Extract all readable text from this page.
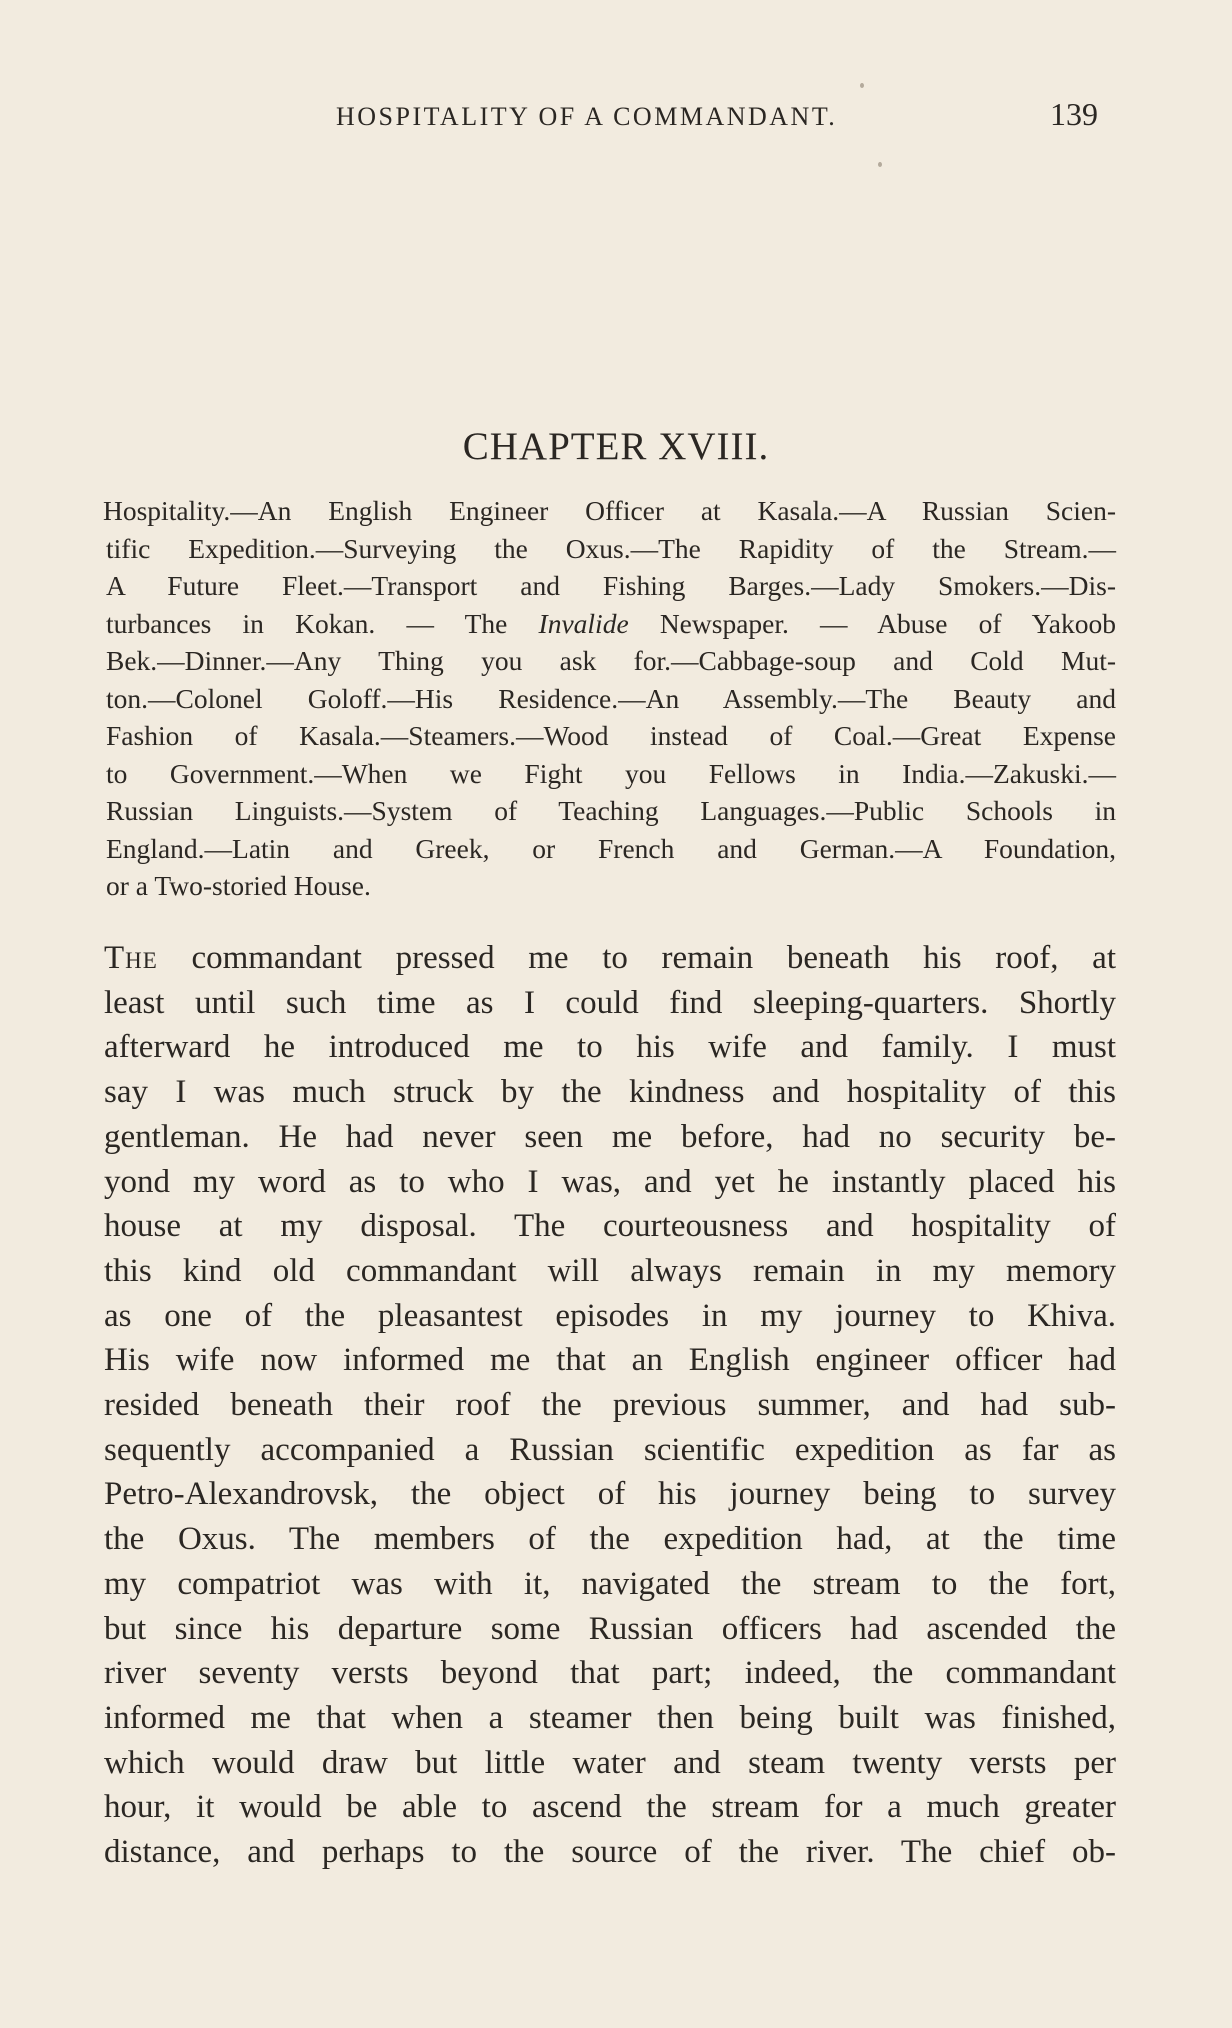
HOSPITALITY OF A COMMANDANT.	139
CHAPTER XVIII.
Hospitality.—An English Engineer Officer at Kasala.—A Russian Scien-
tific Expedition.—Surveying the Oxus.—The Rapidity of the Stream.—
A Future Fleet.—Transport and Fishing Barges.—Lady Smokers.—Dis-
turbances in Kokan. — The Invalide Newspaper. — Abuse of Yakoob
Bek.—Dinner.—Any Thing you ask for.—Cabbage-soup and Cold Mut-
ton.—Colonel Goloff.—His Residence.—An Assembly.—The Beauty and
Fashion of Kasala.—Steamers.—Wood instead of Coal.—Great Expense
to Government.—When we Fight you Fellows in India.—Zakuski.—
Russian Linguists.—System of Teaching Languages.—Public Schools in
England.—Latin and Greek, or French and German.—A Foundation,
or a Two-storied House.
The commandant pressed me to remain beneath his roof, at
least until such time as I could find sleeping-quarters. Shortly
afterward he introduced me to his wife and family. I must
say I was much struck by the kindness and hospitality of this
gentleman. He had never seen me before, had no security be-
yond my word as to who I was, and yet he instantly placed his
house at my disposal. The courteousness and hospitality of
this kind old commandant will always remain in my memory
as one of the pleasantest episodes in my journey to Khiva.
His wife now informed me that an English engineer officer had
resided beneath their roof the previous summer, and had sub-
sequently accompanied a Russian scientific expedition as far as
Petro-Alexandrovsk, the object of his journey being to survey
the Oxus. The members of the expedition had, at the time
my compatriot was with it, navigated the stream to the fort,
but since his departure some Russian officers had ascended the
river seventy versts beyond that part; indeed, the commandant
informed me that when a steamer then being built was finished,
which would draw but little water and steam twenty versts per
hour, it would be able to ascend the stream for a much greater
distance, and perhaps to the source of the river. The chief ob-
